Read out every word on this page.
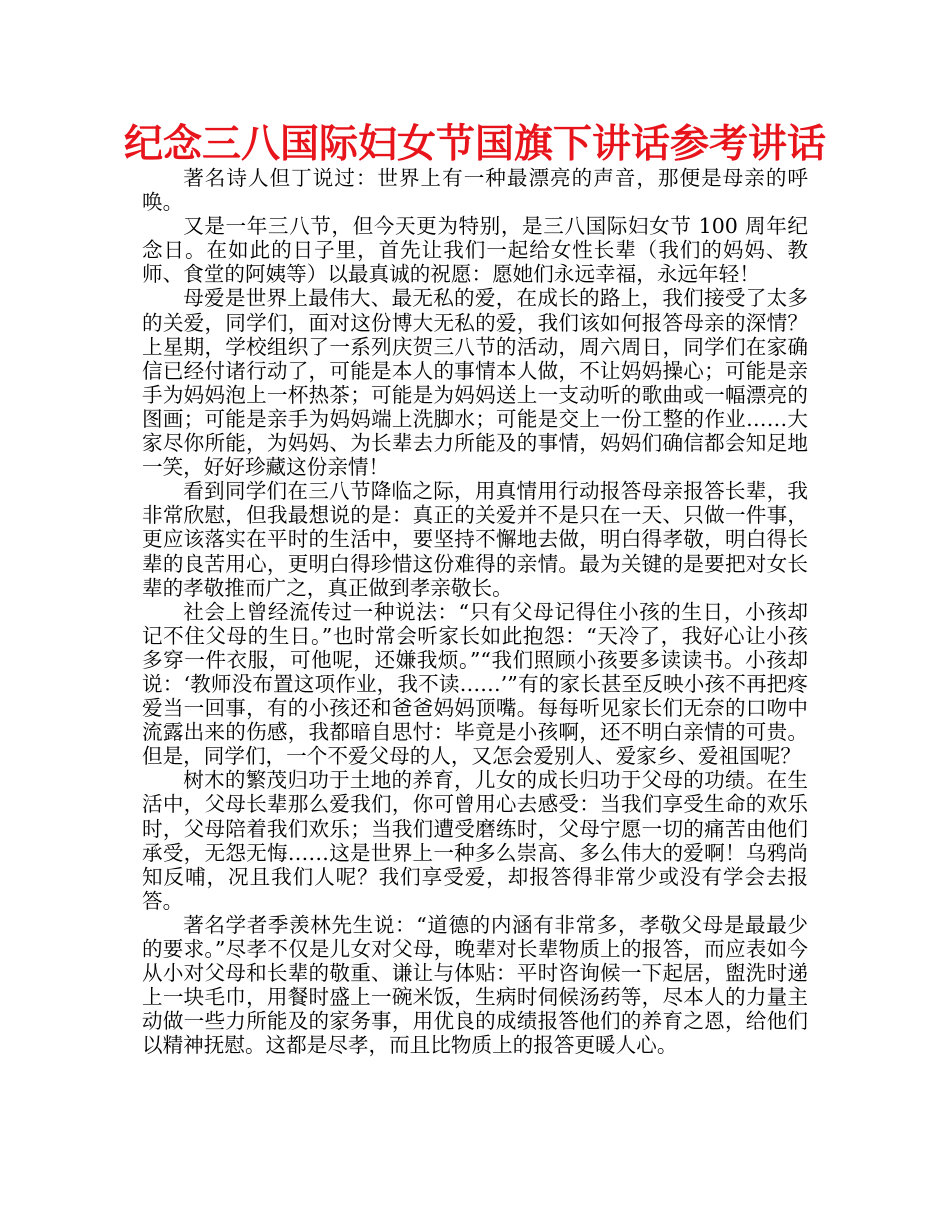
纪念三八国际妇女节国旗下讲话参考讲话

著名诗人但丁说过：世界上有一种最漂亮的声音，那便是母亲的呼唤。

又是一年三八节，但今天更为特别，是三八国际妇女节 100 周年纪念日。在如此的日子里，首先让我们一起给女性长辈（我们的妈妈、教师、食堂的阿姨等）以最真诚的祝愿：愿她们永远幸福，永远年轻！

母爱是世界上最伟大、最无私的爱，在成长的路上，我们接受了太多的关爱，同学们，面对这份博大无私的爱，我们该如何报答母亲的深情？上星期，学校组织了一系列庆贺三八节的活动，周六周日，同学们在家确信已经付诸行动了，可能是本人的事情本人做，不让妈妈操心；可能是亲手为妈妈泡上一杯热茶；可能是为妈妈送上一支动听的歌曲或一幅漂亮的图画；可能是亲手为妈妈端上洗脚水；可能是交上一份工整的作业……大家尽你所能，为妈妈、为长辈去力所能及的事情，妈妈们确信都会知足地一笑，好好珍藏这份亲情！

看到同学们在三八节降临之际，用真情用行动报答母亲报答长辈，我非常欣慰，但我最想说的是：真正的关爱并不是只在一天、只做一件事，更应该落实在平时的生活中，要坚持不懈地去做，明白得孝敬，明白得长辈的良苦用心，更明白得珍惜这份难得的亲情。最为关键的是要把对女长辈的孝敬推而广之，真正做到孝亲敬长。

社会上曾经流传过一种说法：“只有父母记得住小孩的生日，小孩却记不住父母的生日。”也时常会听家长如此抱怨：“天冷了，我好心让小孩多穿一件衣服，可他呢，还嫌我烦。”“我们照顾小孩要多读读书。小孩却说：‘教师没布置这项作业，我不读……’”有的家长甚至反映小孩不再把疼爱当一回事，有的小孩还和爸爸妈妈顶嘴。每每听见家长们无奈的口吻中流露出来的伤感，我都暗自思忖：毕竟是小孩啊，还不明白亲情的可贵。但是，同学们，一个不爱父母的人，又怎会爱别人、爱家乡、爱祖国呢？

树木的繁茂归功于土地的养育，儿女的成长归功于父母的功绩。在生活中，父母长辈那么爱我们，你可曾用心去感受：当我们享受生命的欢乐时，父母陪着我们欢乐；当我们遭受磨练时，父母宁愿一切的痛苦由他们承受，无怨无悔……这是世界上一种多么崇高、多么伟大的爱啊！乌鸦尚知反哺，况且我们人呢？我们享受爱，却报答得非常少或没有学会去报答。

著名学者季羡林先生说：“道德的内涵有非常多，孝敬父母是最最少的要求。”尽孝不仅是儿女对父母，晚辈对长辈物质上的报答，而应表如今从小对父母和长辈的敬重、谦让与体贴：平时咨询候一下起居，盥洗时递上一块毛巾，用餐时盛上一碗米饭，生病时伺候汤药等，尽本人的力量主动做一些力所能及的家务事，用优良的成绩报答他们的养育之恩，给他们以精神抚慰。这都是尽孝，而且比物质上的报答更暖人心。
